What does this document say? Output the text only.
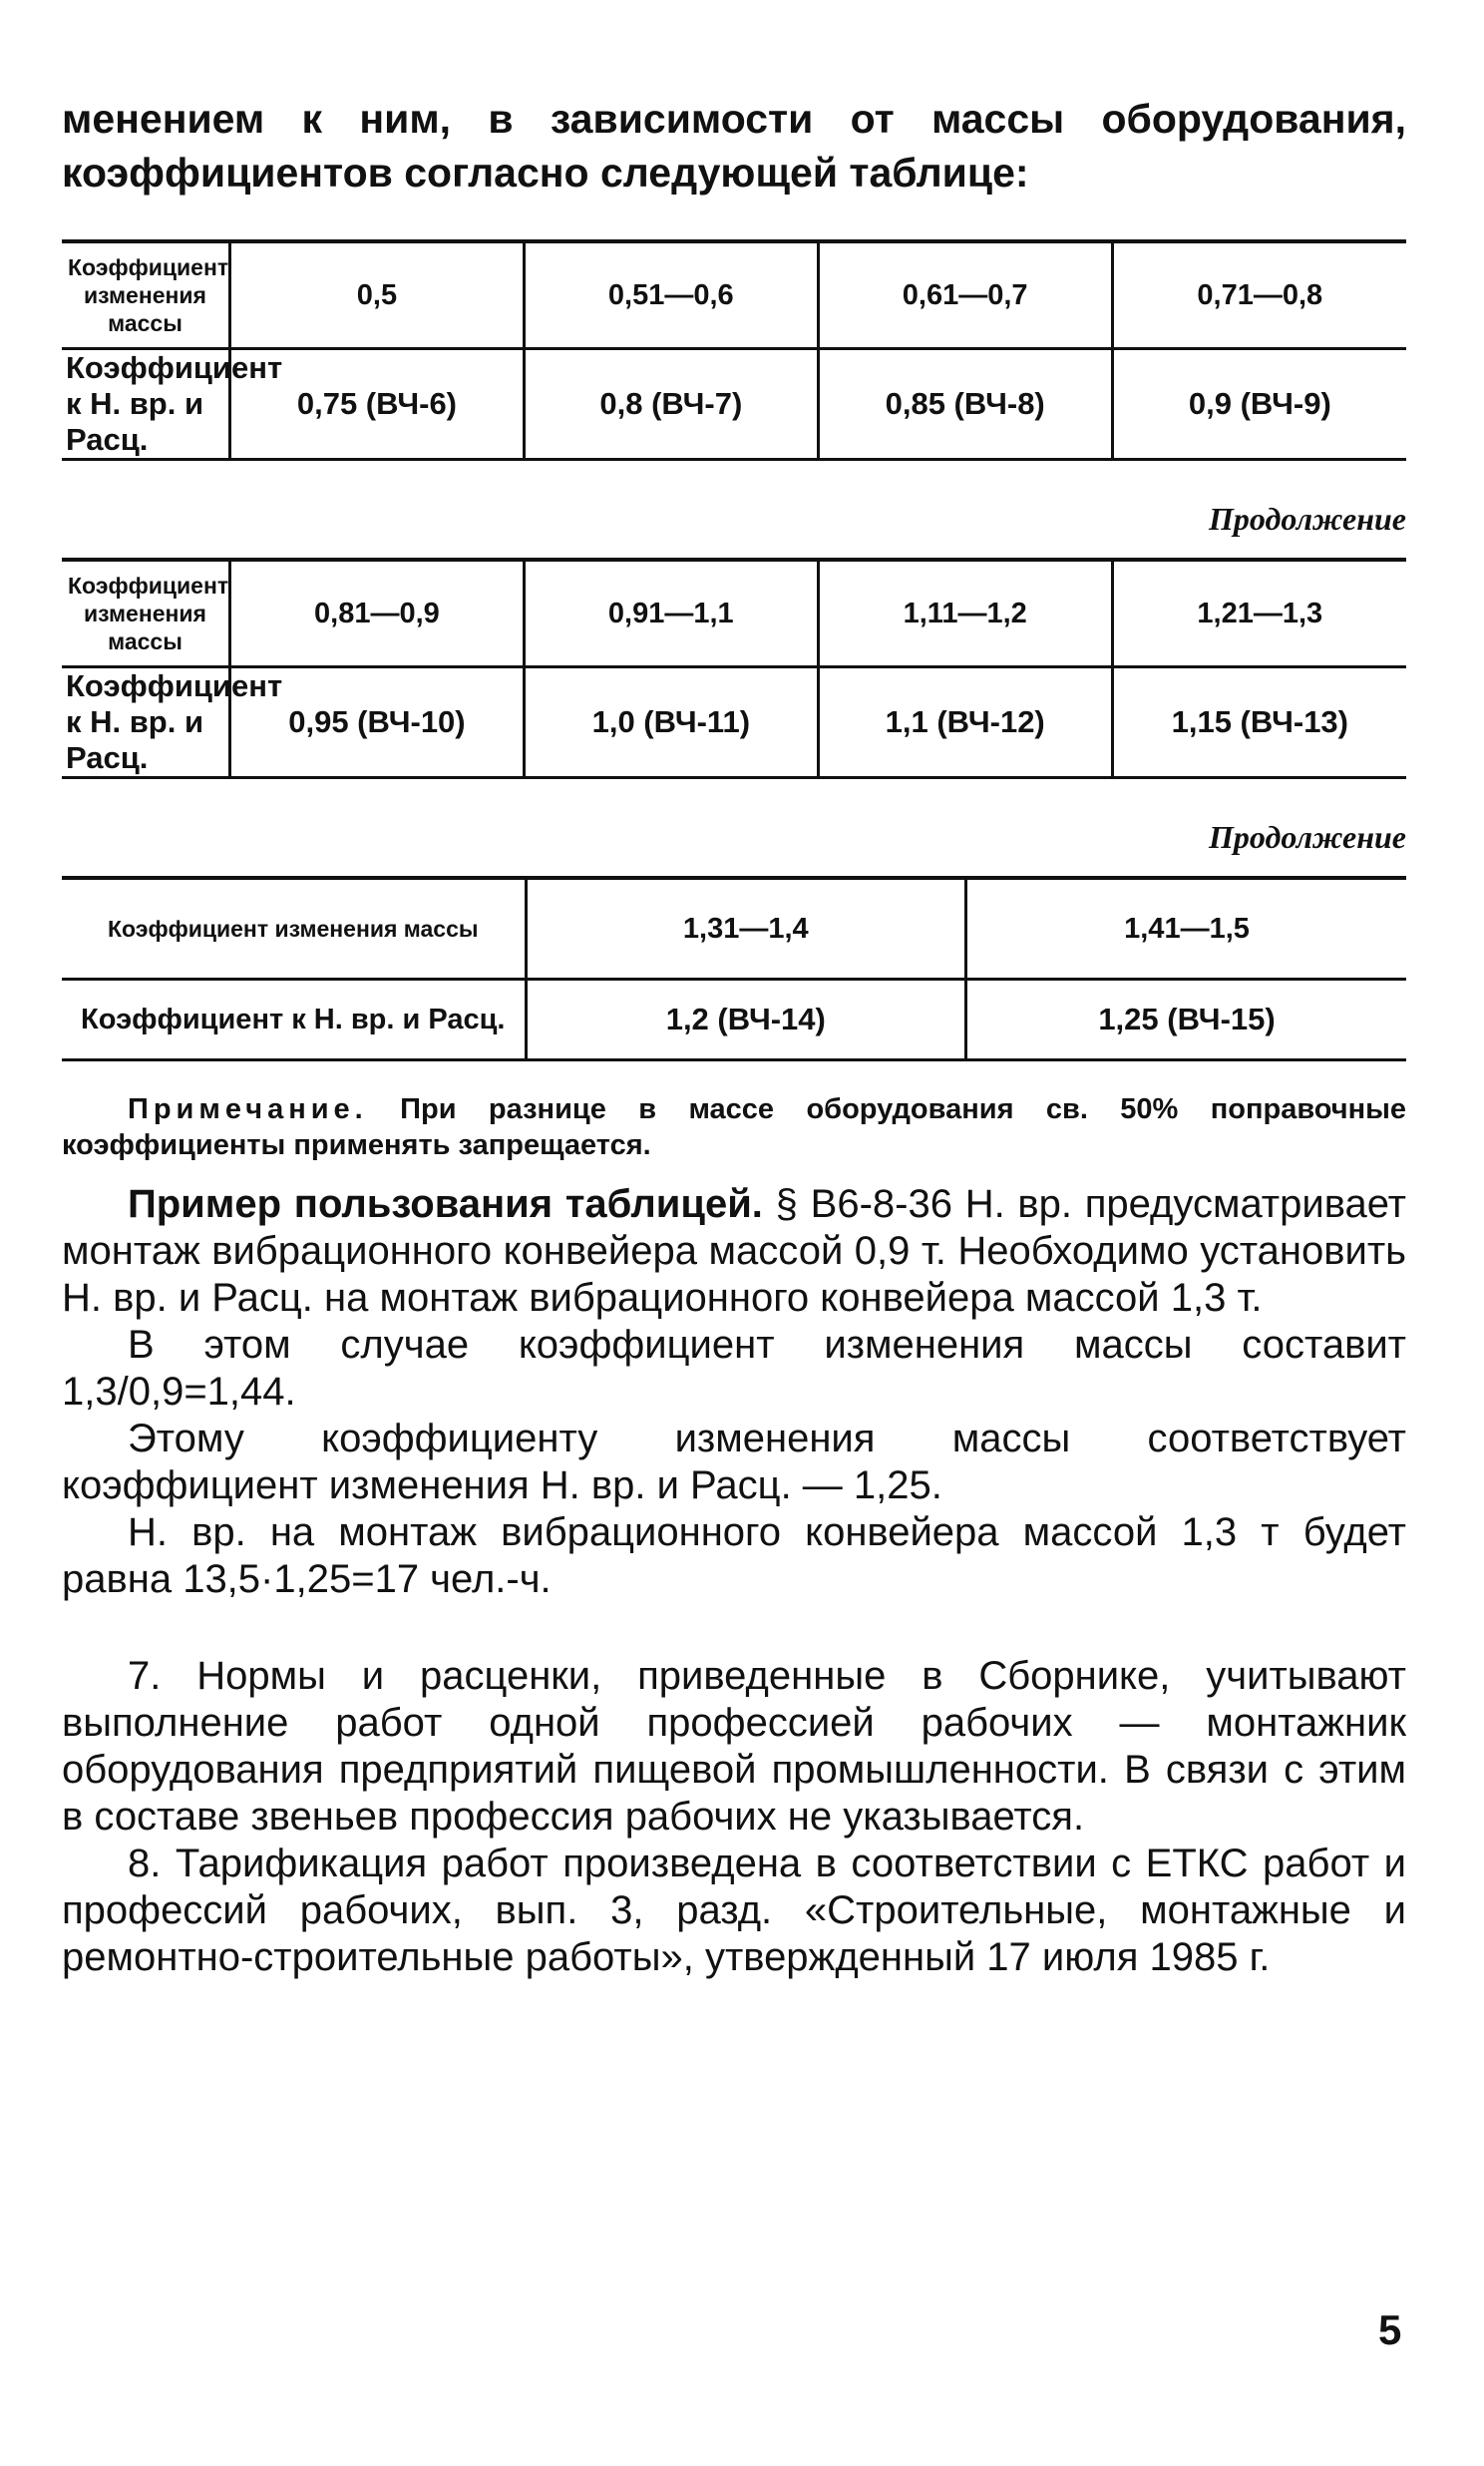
менением к ним, в зависимости от массы оборудования, коэффициентов согласно следующей таблице:

Коэффициент изменения массы	0,5	0,51—0,6	0,61—0,7	0,71—0,8
Коэффициент к Н. вр. и Расц.	0,75 (ВЧ-6)	0,8 (ВЧ-7)	0,85 (ВЧ-8)	0,9 (ВЧ-9)
Продолжение
Коэффициент изменения массы	0,81—0,9	0,91—1,1	1,11—1,2	1,21—1,3
Коэффициент к Н. вр. и Расц.	0,95 (ВЧ-10)	1,0 (ВЧ-11)	1,1 (ВЧ-12)	1,15 (ВЧ-13)
Продолжение
Коэффициент изменения массы	1,31—1,4	1,41—1,5
Коэффициент к Н. вр. и Расц.	1,2 (ВЧ-14)	1,25 (ВЧ-15)

Примечание. При разнице в массе оборудования св. 50% поправочные коэффициенты применять запрещается.

Пример пользования таблицей. § В6-8-36 Н. вр. предусматривает монтаж вибрационного конвейера массой 0,9 т. Необходимо установить Н. вр. и Расц. на монтаж вибрационного конвейера массой 1,3 т.

В этом случае коэффициент изменения массы составит 1,3/0,9=1,44.

Этому коэффициенту изменения массы соответствует коэффициент изменения Н. вр. и Расц. — 1,25.

Н. вр. на монтаж вибрационного конвейера массой 1,3 т будет равна 13,5·1,25=17 чел.-ч.

7. Нормы и расценки, приведенные в Сборнике, учитывают выполнение работ одной профессией рабочих — монтажник оборудования предприятий пищевой промышленности. В связи с этим в составе звеньев профессия рабочих не указывается.

8. Тарификация работ произведена в соответствии с ЕТКС работ и профессий рабочих, вып. 3, разд. «Строительные, монтажные и ремонтно-строительные работы», утвержденный 17 июля 1985 г.

5
